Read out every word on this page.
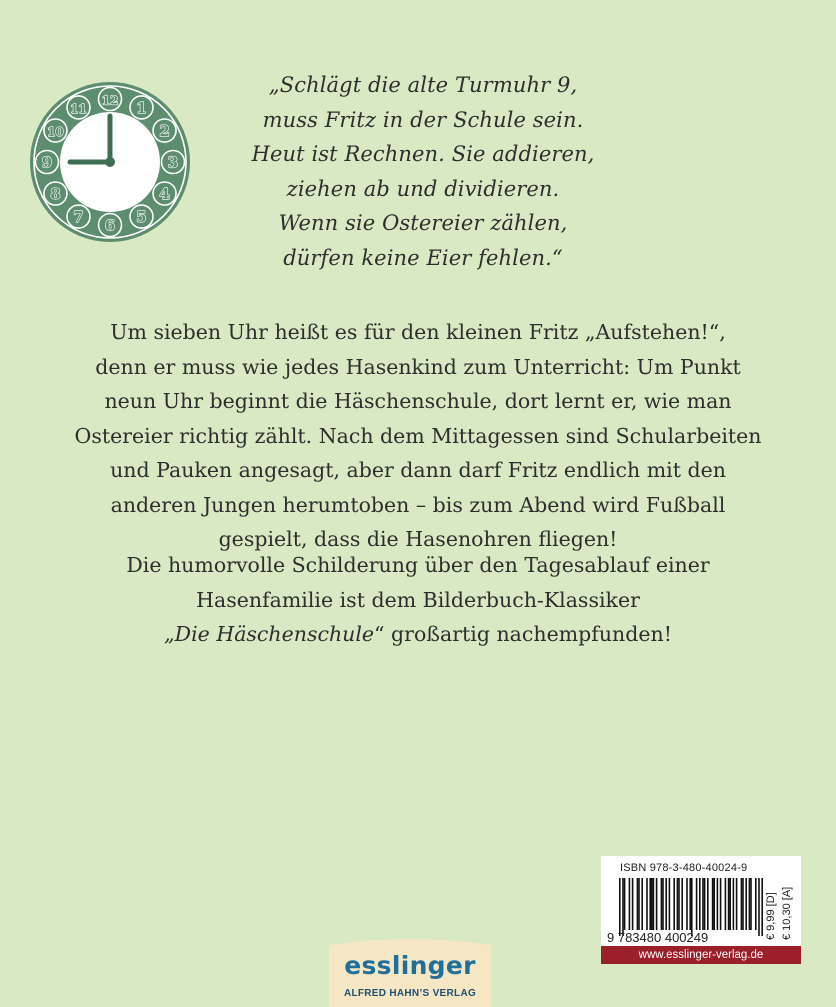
12 1
2
3
4
5
6
7
8
9
10
11
„Schlägt die alte Turmuhr 9,
muss Fritz in der Schule sein.
Heut ist Rechnen. Sie addieren,
ziehen ab und dividieren.
Wenn sie Ostereier zählen,
dürfen keine Eier fehlen.“
Um sieben Uhr heißt es für den kleinen Fritz „Aufstehen!“,
denn er muss wie jedes Hasenkind zum Unterricht: Um Punkt
neun Uhr beginnt die Häschenschule, dort lernt er, wie man
Ostereier richtig zählt. Nach dem Mittagessen sind Schularbeiten
und Pauken angesagt, aber dann darf Fritz endlich mit den
anderen Jungen herumtoben – bis zum Abend wird Fußball
gespielt, dass die Hasenohren fliegen!
Die humorvolle Schilderung über den Tagesablauf einer
Hasenfamilie ist dem Bilderbuch-Klassiker
„Die Häschenschule“ großartig nachempfunden!
ISBN 978-3-480-40024-9
9 783480 400249	€ 9,99 [D] € 10,30 [A]
www.esslinger-verlag.de
esslinger
ALFRED HAHN’S VERLAG
